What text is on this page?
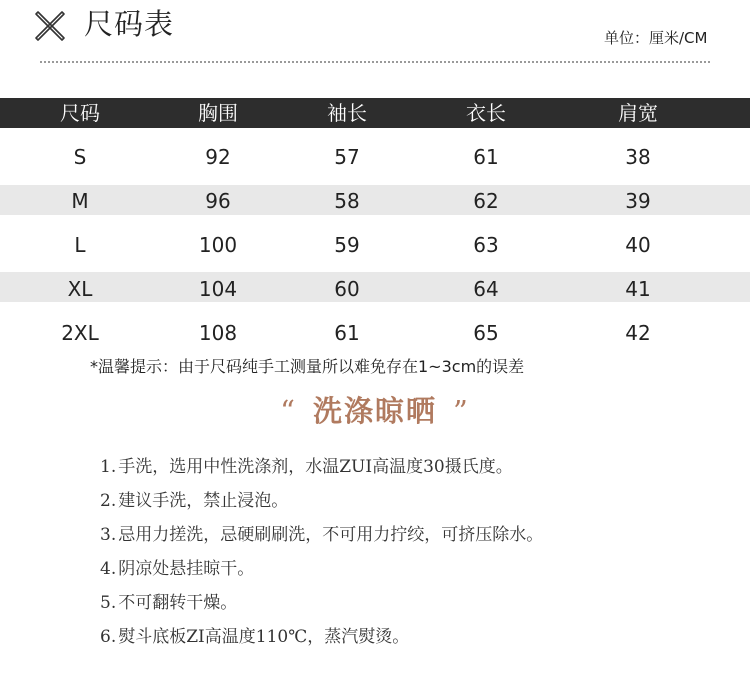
尺码表	单位：厘米/CM
尺码	胸围	袖长	衣长	肩宽
S	92	57	61	38
M	96	58	62	39
L	100	59	63	40
XL	104	60	64	41
2XL	108	61	65	42
*温馨提示：由于尺码纯手工测量所以难免存在1~3cm的误差
“ 洗涤晾晒 ”
1. 手洗，选用中性洗涤剂，水温ZUI高温度30摄氏度。
2. 建议手洗，禁止浸泡。
3. 忌用力搓洗，忌硬刷刷洗，不可用力拧绞，可挤压除水。
4. 阴凉处悬挂晾干。
5. 不可翻转干燥。
6. 熨斗底板ZI高温度110℃，蒸汽熨烫。
